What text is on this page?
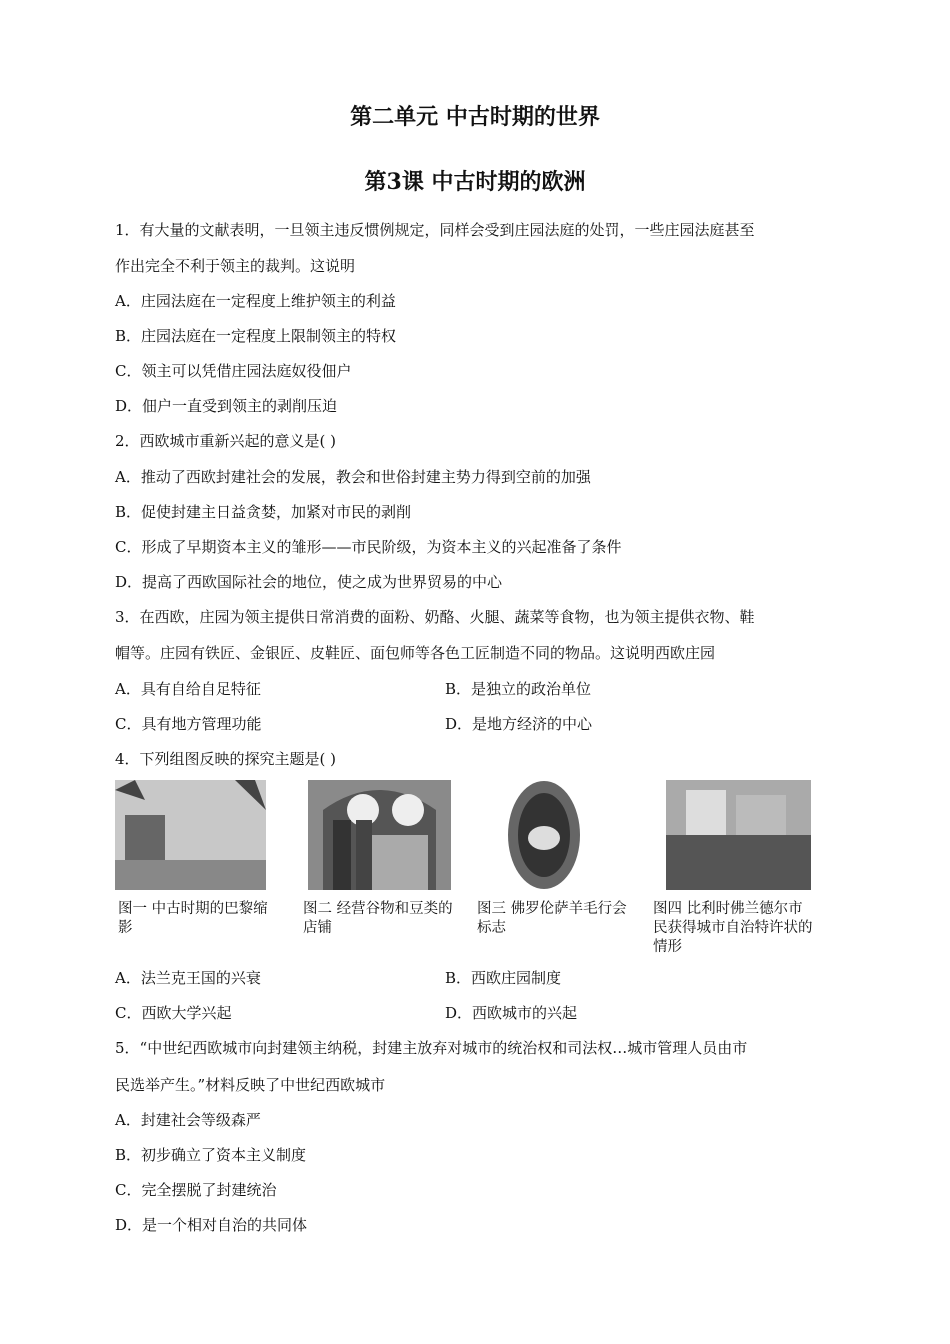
第二单元 中古时期的世界
第3课 中古时期的欧洲
1．有大量的文献表明，一旦领主违反惯例规定，同样会受到庄园法庭的处罚，一些庄园法庭甚至
作出完全不利于领主的裁判。这说明
A．庄园法庭在一定程度上维护领主的利益
B．庄园法庭在一定程度上限制领主的特权
C．领主可以凭借庄园法庭奴役佃户
D．佃户一直受到领主的剥削压迫
2．西欧城市重新兴起的意义是( )
A．推动了西欧封建社会的发展，教会和世俗封建主势力得到空前的加强
B．促使封建主日益贪婪，加紧对市民的剥削
C．形成了早期资本主义的雏形——市民阶级，为资本主义的兴起准备了条件
D．提高了西欧国际社会的地位，使之成为世界贸易的中心
3．在西欧，庄园为领主提供日常消费的面粉、奶酪、火腿、蔬菜等食物，也为领主提供衣物、鞋
帽等。庄园有铁匠、金银匠、皮鞋匠、面包师等各色工匠制造不同的物品。这说明西欧庄园
A．具有自给自足特征	B．是独立的政治单位
C．具有地方管理功能	D．是地方经济的中心
4．下列组图反映的探究主题是( )
图一 中古时期的巴黎缩影
图二 经营谷物和豆类的店铺
图三 佛罗伦萨羊毛行会标志
图四 比利时佛兰德尔市民获得城市自治特许状的情形
A．法兰克王国的兴衰	B．西欧庄园制度
C．西欧大学兴起	D．西欧城市的兴起
5．“中世纪西欧城市向封建领主纳税，封建主放弃对城市的统治权和司法权…城市管理人员由市
民选举产生。”材料反映了中世纪西欧城市
A．封建社会等级森严
B．初步确立了资本主义制度
C．完全摆脱了封建统治
D．是一个相对自治的共同体
